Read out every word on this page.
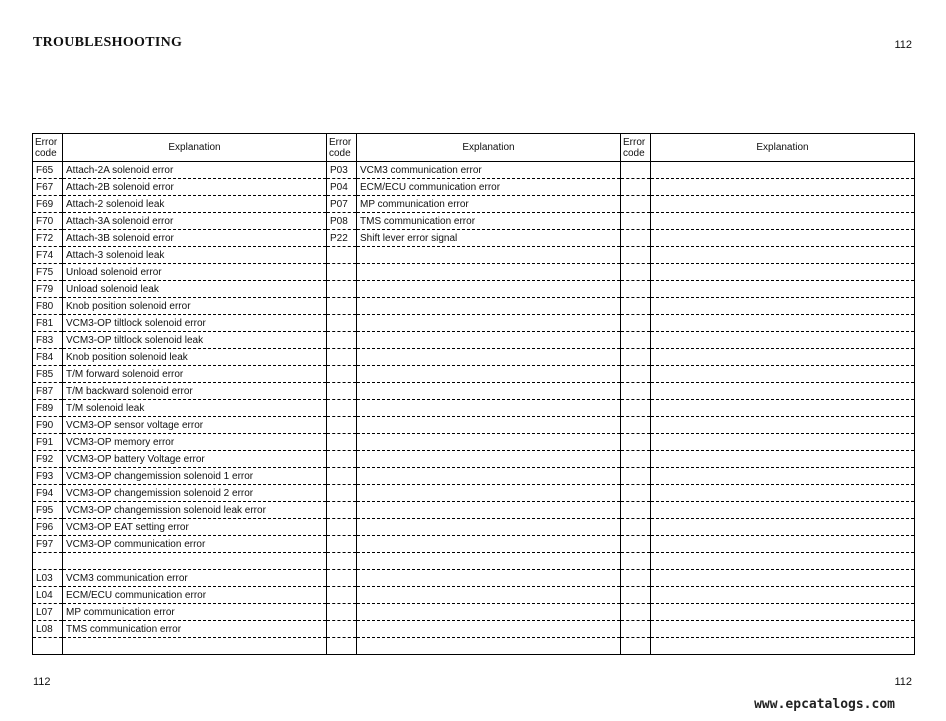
TROUBLESHOOTING	112
Error code	Explanation	Error code	Explanation	Error code	Explanation
F65	Attach-2A solenoid error	P03	VCM3 communication error		
F67	Attach-2B solenoid error	P04	ECM/ECU communication error		
F69	Attach-2 solenoid leak	P07	MP communication error		
F70	Attach-3A solenoid error	P08	TMS communication error		
F72	Attach-3B solenoid error	P22	Shift lever error signal		
F74	Attach-3 solenoid leak				
F75	Unload solenoid error				
F79	Unload solenoid leak				
F80	Knob position solenoid error				
F81	VCM3-OP tiltlock solenoid error				
F83	VCM3-OP tiltlock solenoid leak				
F84	Knob position solenoid leak				
F85	T/M forward solenoid error				
F87	T/M backward solenoid error				
F89	T/M solenoid leak				
F90	VCM3-OP sensor voltage error				
F91	VCM3-OP memory error				
F92	VCM3-OP battery Voltage error				
F93	VCM3-OP changemission solenoid 1 error				
F94	VCM3-OP changemission solenoid 2 error				
F95	VCM3-OP changemission solenoid leak error				
F96	VCM3-OP EAT setting error				
F97	VCM3-OP communication error				

L03	VCM3 communication error				
L04	ECM/ECU communication error				
L07	MP communication error				
L08	TMS communication error				

112	112
www.epcatalogs.com
